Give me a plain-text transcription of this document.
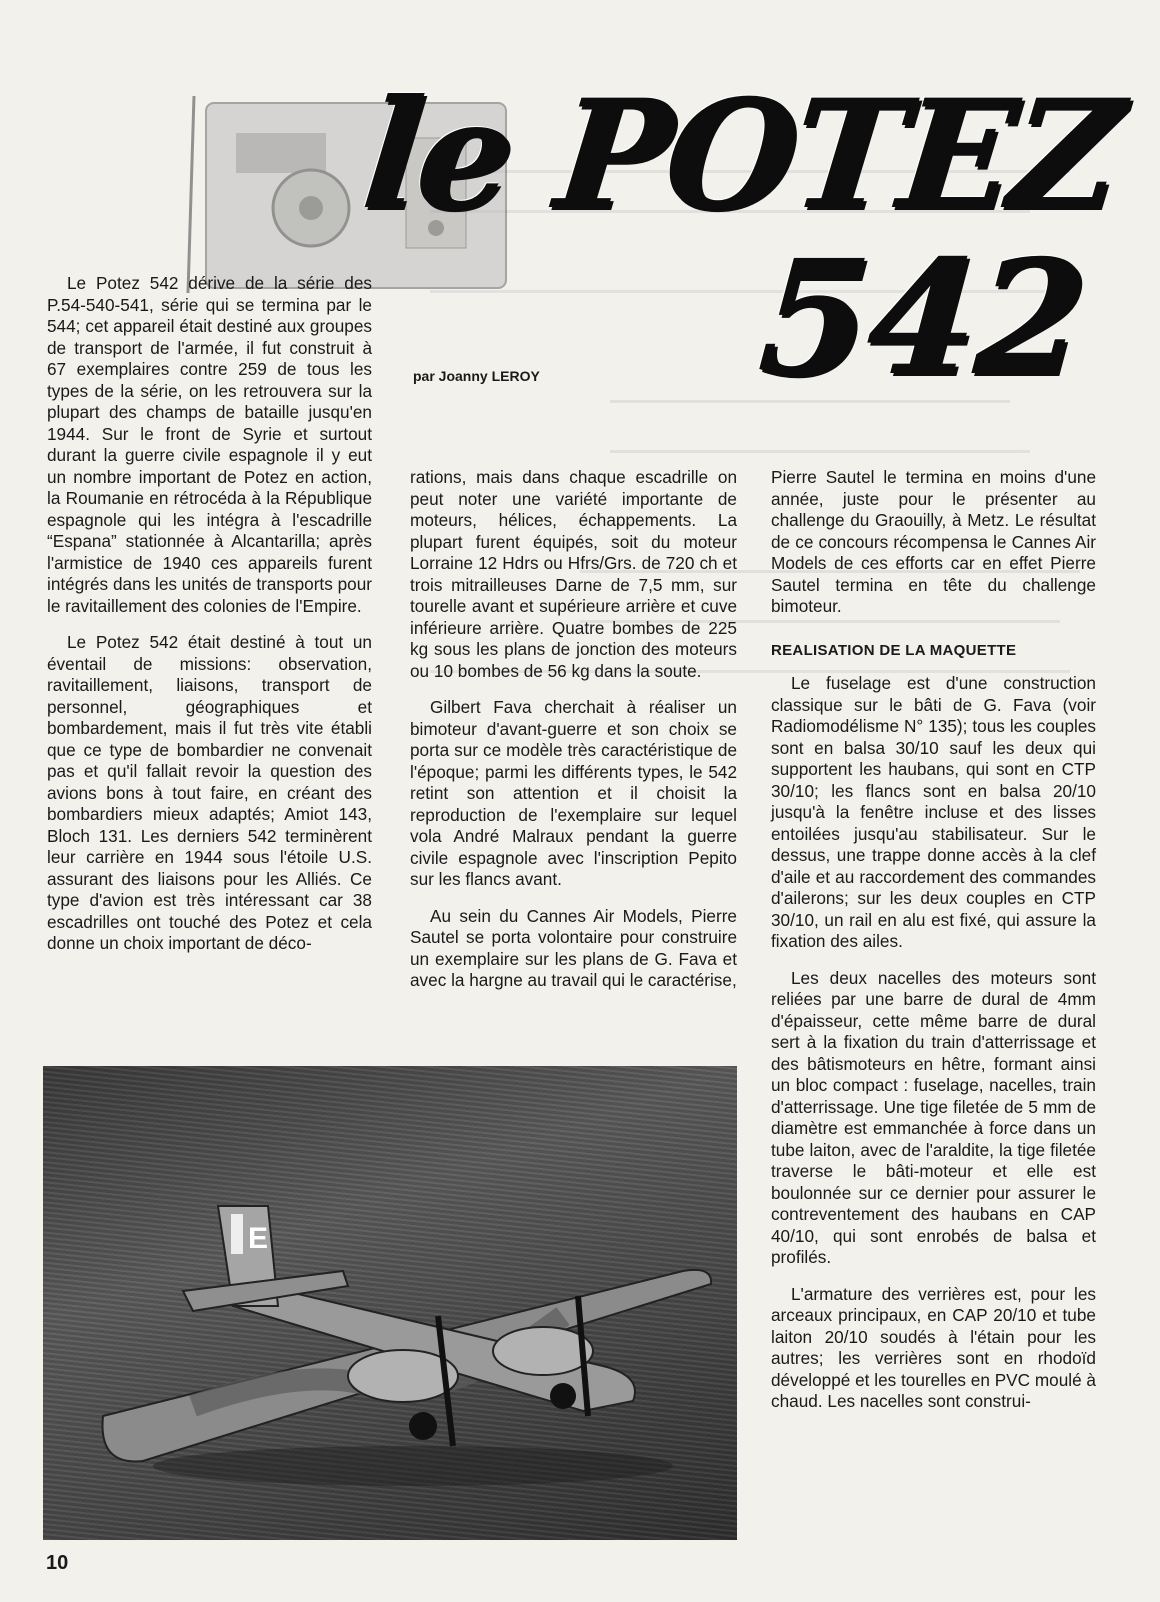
le POTEZ
542
par Joanny LEROY

Le Potez 542 dérive de la série des P.54-540-541, série qui se termina par le 544; cet appareil était destiné aux groupes de transport de l'armée, il fut construit à 67 exemplaires contre 259 de tous les types de la série, on les retrouvera sur la plupart des champs de bataille jusqu'en 1944. Sur le front de Syrie et surtout durant la guerre civile espagnole il y eut un nombre important de Potez en action, la Roumanie en rétrocéda à la République espagnole qui les intégra à l'escadrille “Espana” stationnée à Alcantarilla; après l'armistice de 1940 ces appareils furent intégrés dans les unités de transports pour le ravitaillement des colonies de l'Empire.

Le Potez 542 était destiné à tout un éventail de missions: observation, ravitaillement, liaisons, transport de personnel, géographiques et bombardement, mais il fut très vite établi que ce type de bombardier ne convenait pas et qu'il fallait revoir la question des avions bons à tout faire, en créant des bombardiers mieux adaptés; Amiot 143, Bloch 131. Les derniers 542 terminèrent leur carrière en 1944 sous l'étoile U.S. assurant des liaisons pour les Alliés. Ce type d'avion est très intéressant car 38 escadrilles ont touché des Potez et cela donne un choix important de déco-

rations, mais dans chaque escadrille on peut noter une variété importante de moteurs, hélices, échappements. La plupart furent équipés, soit du moteur Lorraine 12 Hdrs ou Hfrs/Grs. de 720 ch et trois mitrailleuses Darne de 7,5 mm, sur tourelle avant et supérieure arrière et cuve inférieure arrière. Quatre bombes de 225 kg sous les plans de jonction des moteurs ou 10 bombes de 56 kg dans la soute.

Gilbert Fava cherchait à réaliser un bimoteur d'avant-guerre et son choix se porta sur ce modèle très caractéristique de l'époque; parmi les différents types, le 542 retint son attention et il choisit la reproduction de l'exemplaire sur lequel vola André Malraux pendant la guerre civile espagnole avec l'inscription Pepito sur les flancs avant.

Au sein du Cannes Air Models, Pierre Sautel se porta volontaire pour construire un exemplaire sur les plans de G. Fava et avec la hargne au travail qui le caractérise,

Pierre Sautel le termina en moins d'une année, juste pour le présenter au challenge du Graouilly, à Metz. Le résultat de ce concours récompensa le Cannes Air Models de ces efforts car en effet Pierre Sautel termina en tête du challenge bimoteur.

REALISATION DE LA MAQUETTE

Le fuselage est d'une construction classique sur le bâti de G. Fava (voir Radiomodélisme N° 135); tous les couples sont en balsa 30/10 sauf les deux qui supportent les haubans, qui sont en CTP 30/10; les flancs sont en balsa 20/10 jusqu'à la fenêtre incluse et des lisses entoilées jusqu'au stabilisateur. Sur le dessus, une trappe donne accès à la clef d'aile et au raccordement des commandes d'ailerons; sur les deux couples en CTP 30/10, un rail en alu est fixé, qui assure la fixation des ailes.

Les deux nacelles des moteurs sont reliées par une barre de dural de 4mm d'épaisseur, cette même barre de dural sert à la fixation du train d'atterrissage et des bâtismoteurs en hêtre, formant ainsi un bloc compact : fuselage, nacelles, train d'atterrissage. Une tige filetée de 5 mm de diamètre est emmanchée à force dans un tube laiton, avec de l'araldite, la tige filetée traverse le bâti-moteur et elle est boulonnée sur ce dernier pour assurer le contreventement des haubans en CAP 40/10, qui sont enrobés de balsa et profilés.

L'armature des verrières est, pour les arceaux principaux, en CAP 20/10 et tube laiton 20/10 soudés à l'étain pour les autres; les verrières sont en rhodoïd développé et les tourelles en PVC moulé à chaud. Les nacelles sont construi-

E
10
